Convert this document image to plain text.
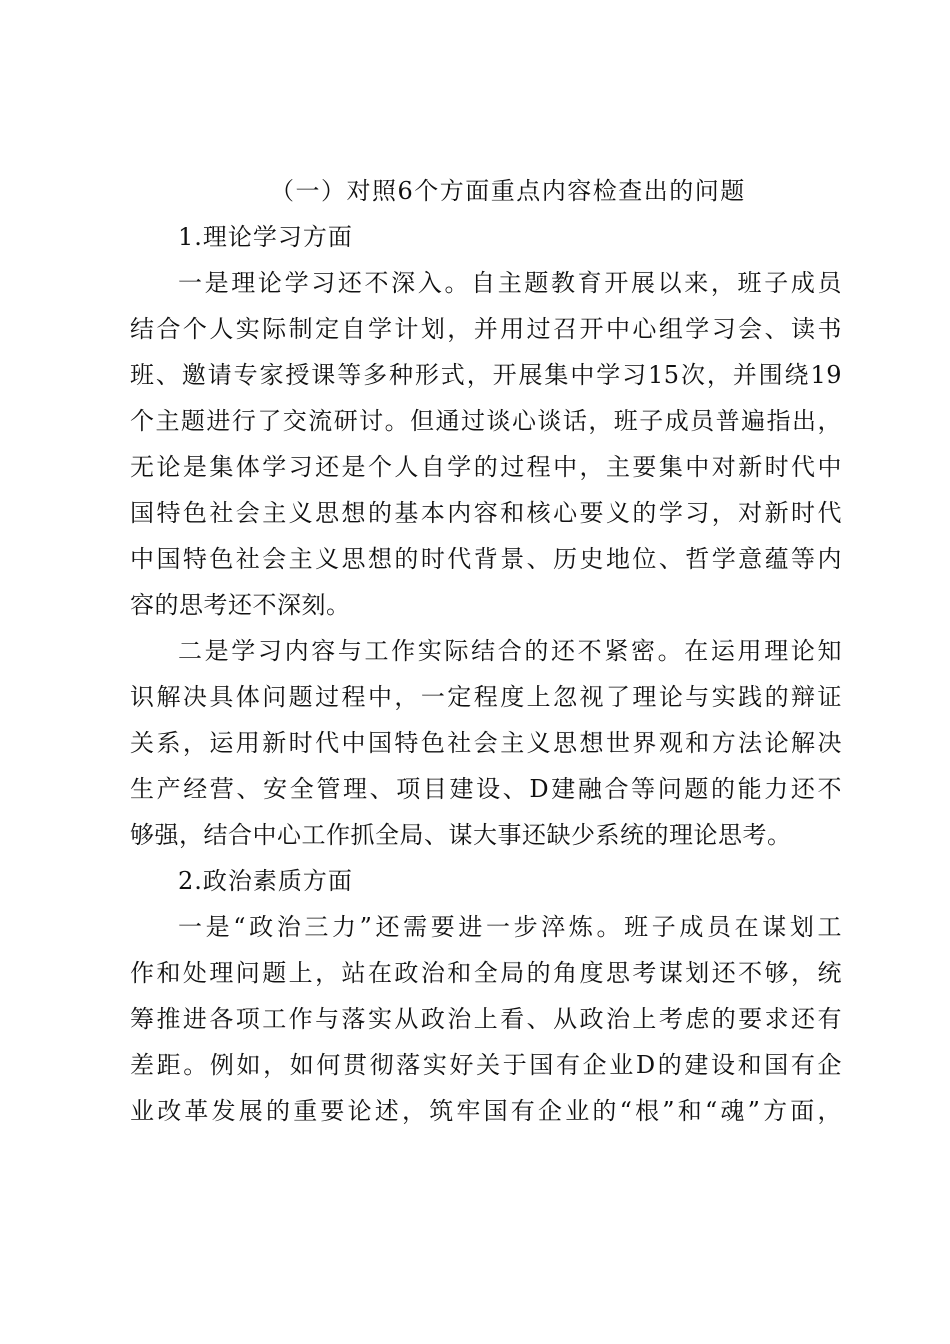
（一）对照6个方面重点内容检查出的问题
1.理论学习方面
一是理论学习还不深入。自主题教育开展以来，班子成员
结合个人实际制定自学计划，并用过召开中心组学习会、读书
班、邀请专家授课等多种形式，开展集中学习15次，并围绕19
个主题进行了交流研讨。但通过谈心谈话，班子成员普遍指出，
无论是集体学习还是个人自学的过程中，主要集中对新时代中
国特色社会主义思想的基本内容和核心要义的学习，对新时代
中国特色社会主义思想的时代背景、历史地位、哲学意蕴等内
容的思考还不深刻。
二是学习内容与工作实际结合的还不紧密。在运用理论知
识解决具体问题过程中，一定程度上忽视了理论与实践的辩证
关系，运用新时代中国特色社会主义思想世界观和方法论解决
生产经营、安全管理、项目建设、D建融合等问题的能力还不
够强，结合中心工作抓全局、谋大事还缺少系统的理论思考。
2.政治素质方面
一是“政治三力”还需要进一步淬炼。班子成员在谋划工
作和处理问题上，站在政治和全局的角度思考谋划还不够，统
筹推进各项工作与落实从政治上看、从政治上考虑的要求还有
差距。例如，如何贯彻落实好关于国有企业D的建设和国有企
业改革发展的重要论述，筑牢国有企业的“根”和“魂”方面，
